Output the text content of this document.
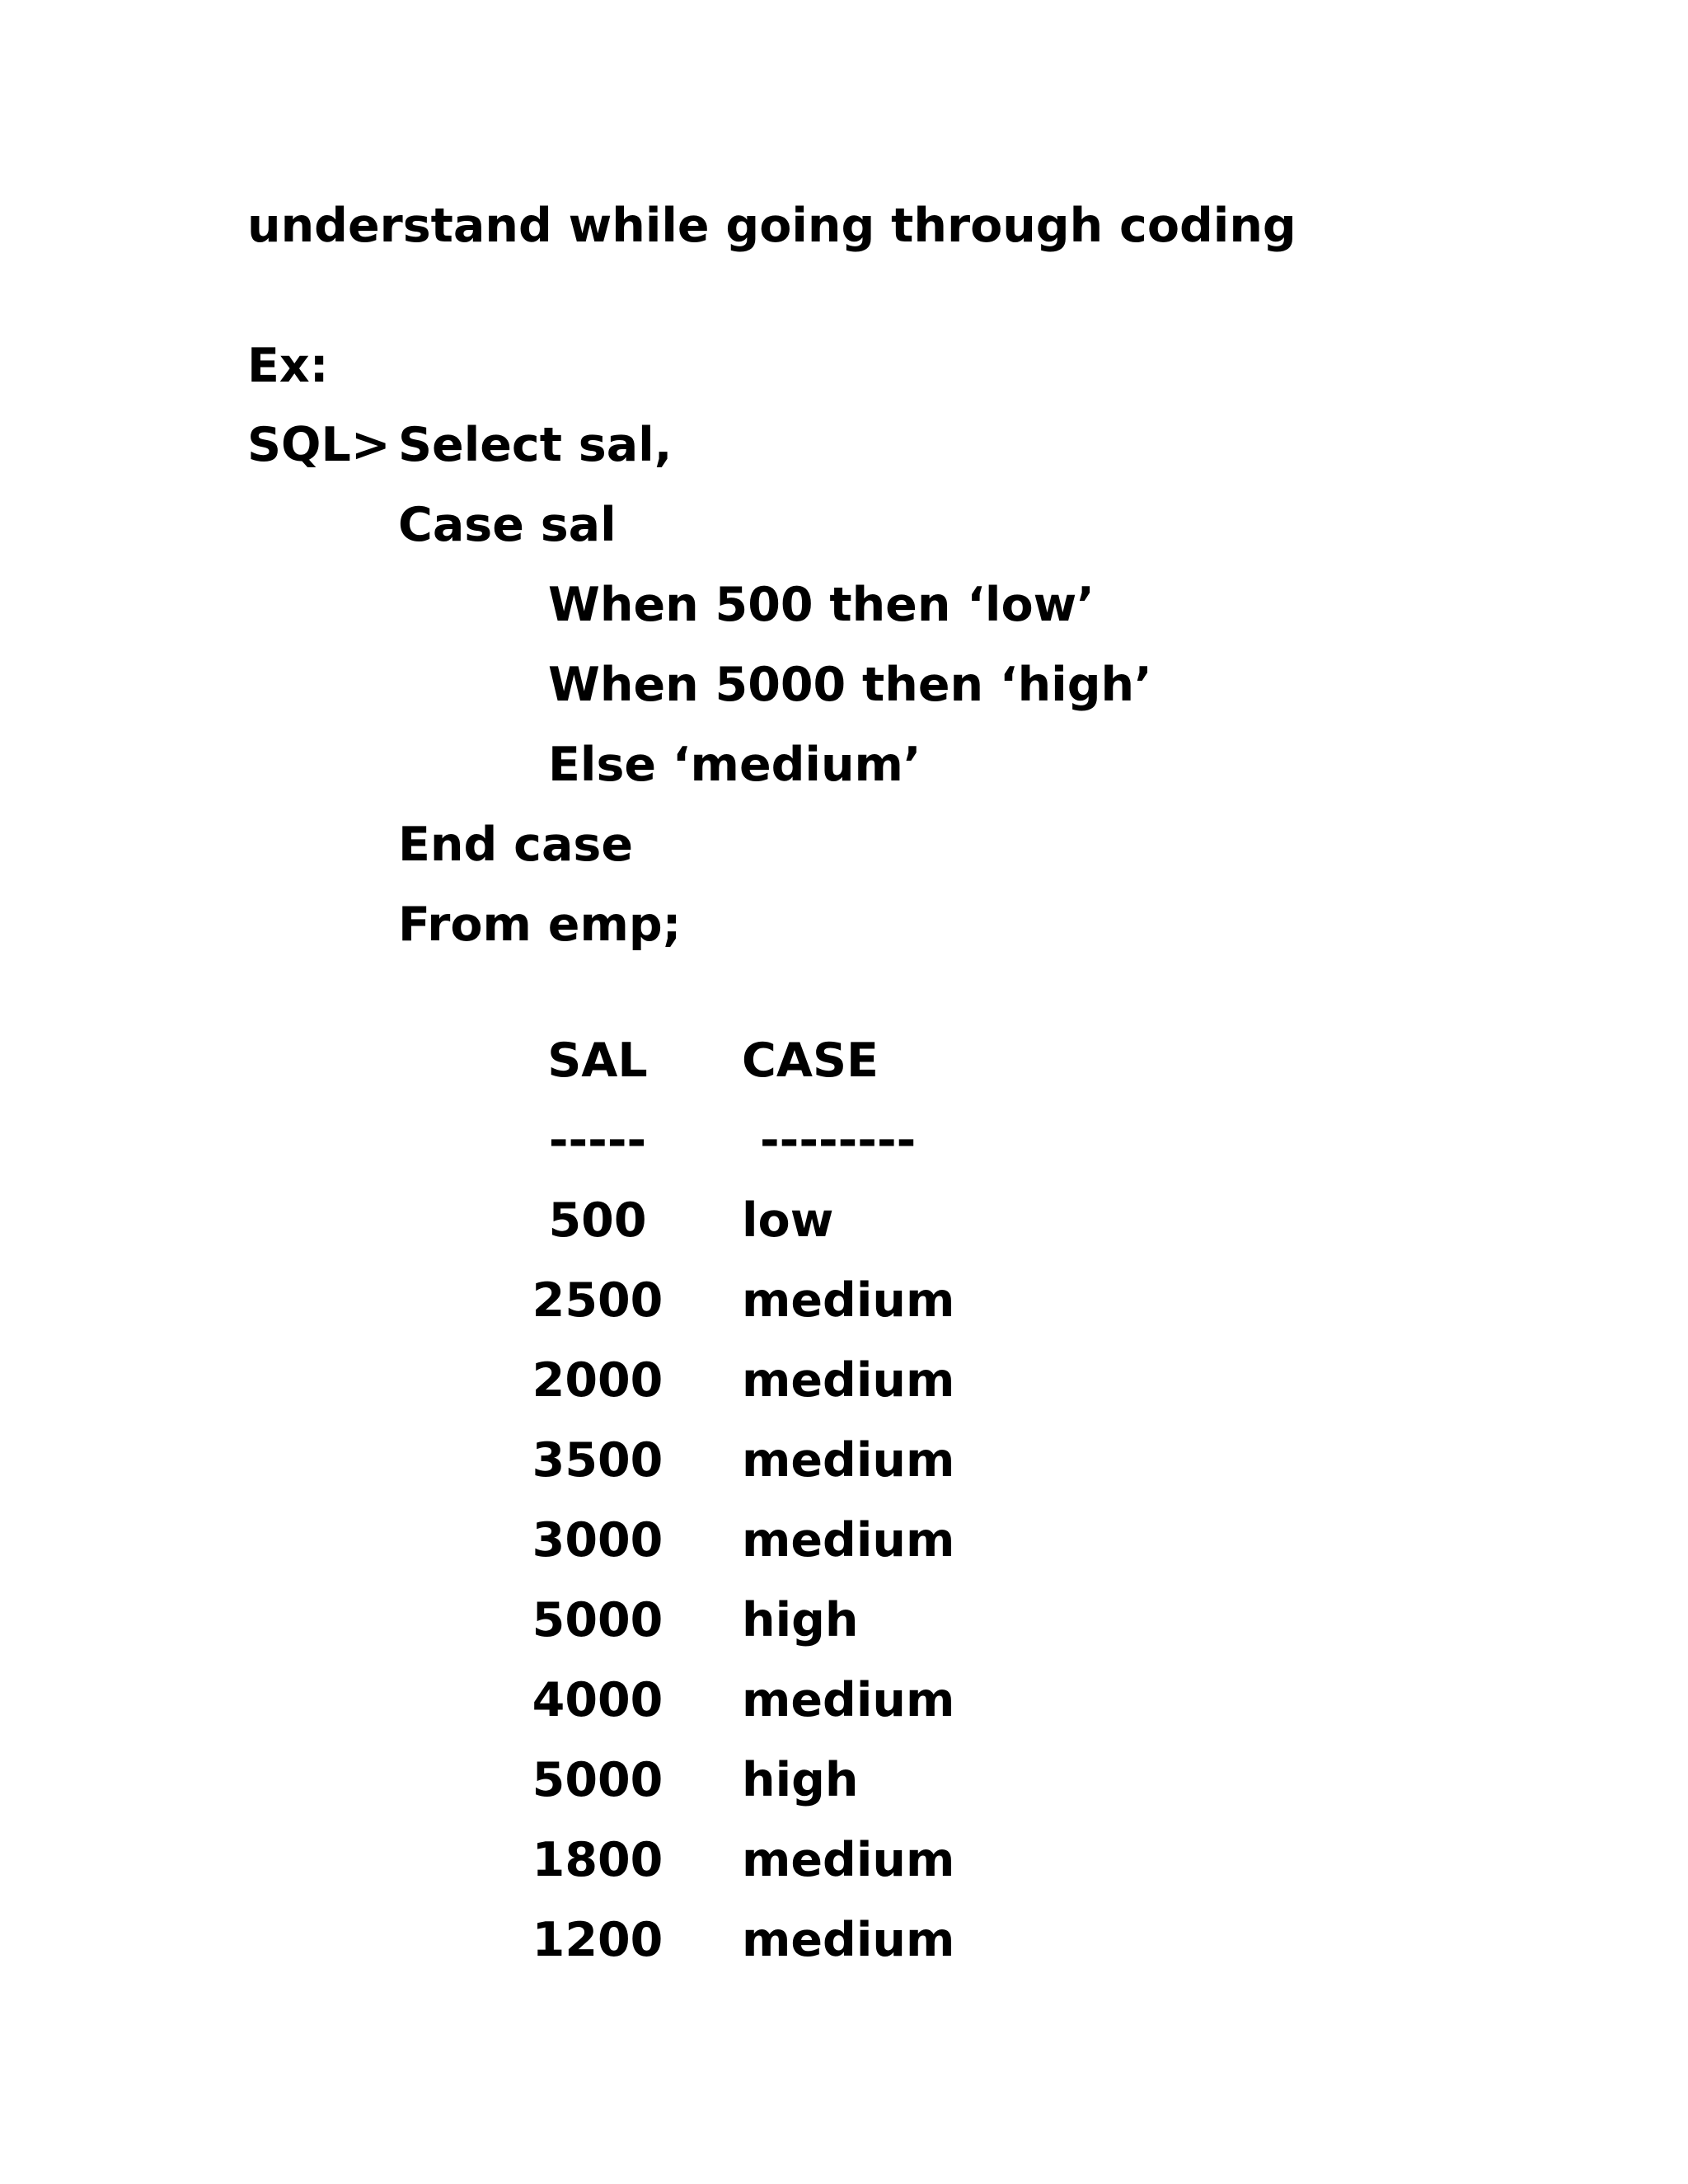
understand while going through coding
Ex:
SQL> Select sal,
Case sal
When 500 then ‘low’
When 5000 then ‘high’
Else ‘medium’
End case
From emp;
SAL	CASE
-----	--------
500	low
2500 medium
2000 medium
3500 medium
3000 medium
5000 high
4000 medium
5000 high
1800 medium
1200 medium
